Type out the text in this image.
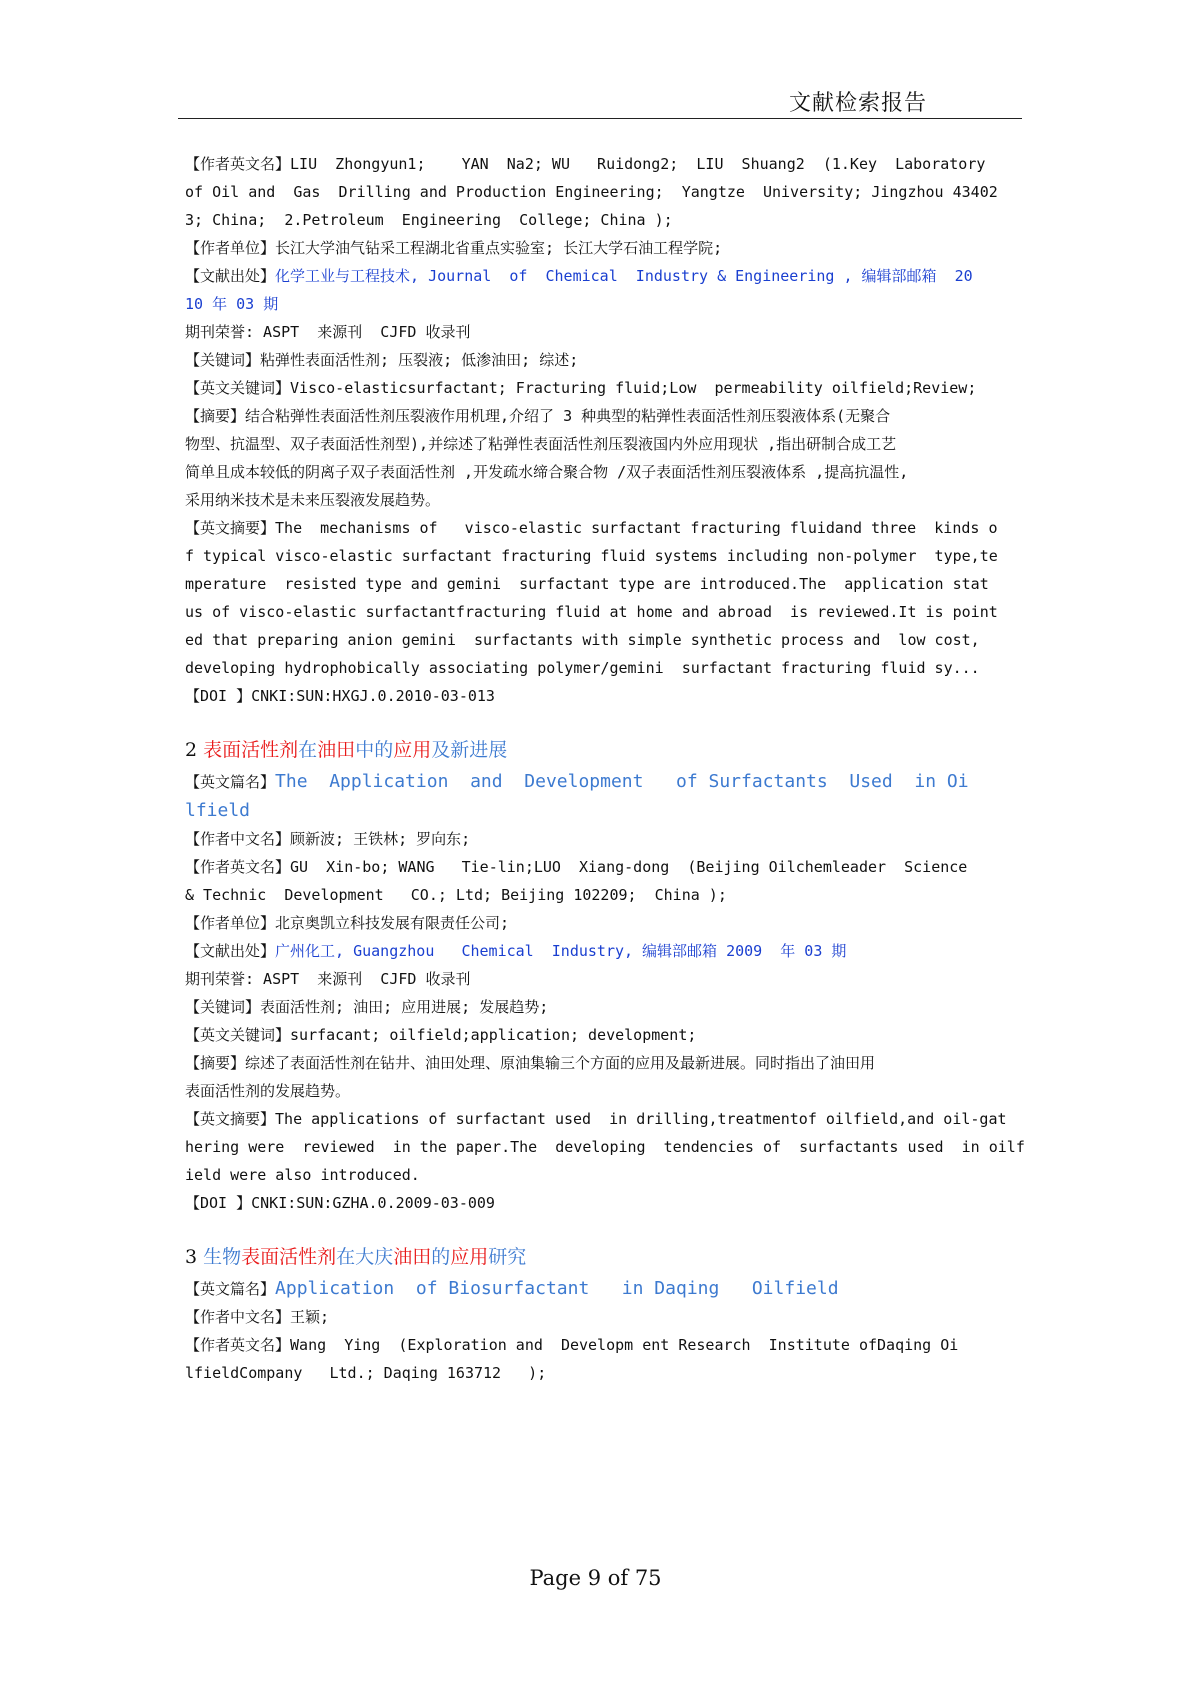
文献检索报告
【作者英文名】LIU  Zhongyun1;    YAN  Na2; WU   Ruidong2;  LIU  Shuang2  (1.Key  Laboratory
of Oil and  Gas  Drilling and Production Engineering;  Yangtze  University; Jingzhou 43402
3; China;  2.Petroleum  Engineering  College; China );
【作者单位】长江大学油气钻采工程湖北省重点实验室; 长江大学石油工程学院;
【文献出处】化学工业与工程技术, Journal  of  Chemical  Industry & Engineering , 编辑部邮箱  20
10 年 03 期
期刊荣誉: ASPT  来源刊  CJFD 收录刊
【关键词】粘弹性表面活性剂; 压裂液; 低渗油田; 综述;
【英文关键词】Visco-elasticsurfactant; Fracturing fluid;Low  permeability oilfield;Review;
【摘要】结合粘弹性表面活性剂压裂液作用机理,介绍了 3 种典型的粘弹性表面活性剂压裂液体系(无聚合
物型、抗温型、双子表面活性剂型),并综述了粘弹性表面活性剂压裂液国内外应用现状 ,指出研制合成工艺
简单且成本较低的阴离子双子表面活性剂 ,开发疏水缔合聚合物 /双子表面活性剂压裂液体系 ,提高抗温性,
采用纳米技术是未来压裂液发展趋势。
【英文摘要】The  mechanisms of   visco-elastic surfactant fracturing fluidand three  kinds o
f typical visco-elastic surfactant fracturing fluid systems including non-polymer  type,te
mperature  resisted type and gemini  surfactant type are introduced.The  application stat
us of visco-elastic surfactantfracturing fluid at home and abroad  is reviewed.It is point
ed that preparing anion gemini  surfactants with simple synthetic process and  low cost,
developing hydrophobically associating polymer/gemini  surfactant fracturing fluid sy...
【DOI 】CNKI:SUN:HXGJ.0.2010-03-013
2 表面活性剂在油田中的应用及新进展
【英文篇名】The  Application  and  Development   of Surfactants  Used  in Oi
lfield
【作者中文名】顾新波; 王铁林; 罗向东;
【作者英文名】GU  Xin-bo; WANG   Tie-lin;LUO  Xiang-dong  (Beijing Oilchemleader  Science
& Technic  Development   CO.; Ltd; Beijing 102209;  China );
【作者单位】北京奥凯立科技发展有限责任公司;
【文献出处】广州化工, Guangzhou   Chemical  Industry, 编辑部邮箱 2009  年 03 期
期刊荣誉: ASPT  来源刊  CJFD 收录刊
【关键词】表面活性剂; 油田; 应用进展; 发展趋势;
【英文关键词】surfacant; oilfield;application; development;
【摘要】综述了表面活性剂在钻井、油田处理、原油集输三个方面的应用及最新进展。同时指出了油田用
表面活性剂的发展趋势。
【英文摘要】The applications of surfactant used  in drilling,treatmentof oilfield,and oil-gat
hering were  reviewed  in the paper.The  developing  tendencies of  surfactants used  in oilf
ield were also introduced.
【DOI 】CNKI:SUN:GZHA.0.2009-03-009
3 生物表面活性剂在大庆油田的应用研究
【英文篇名】Application  of Biosurfactant   in Daqing   Oilfield
【作者中文名】王颖;
【作者英文名】Wang  Ying  (Exploration and  Developm ent Research  Institute ofDaqing Oi
lfieldCompany   Ltd.; Daqing 163712   );
Page 9 of 75
